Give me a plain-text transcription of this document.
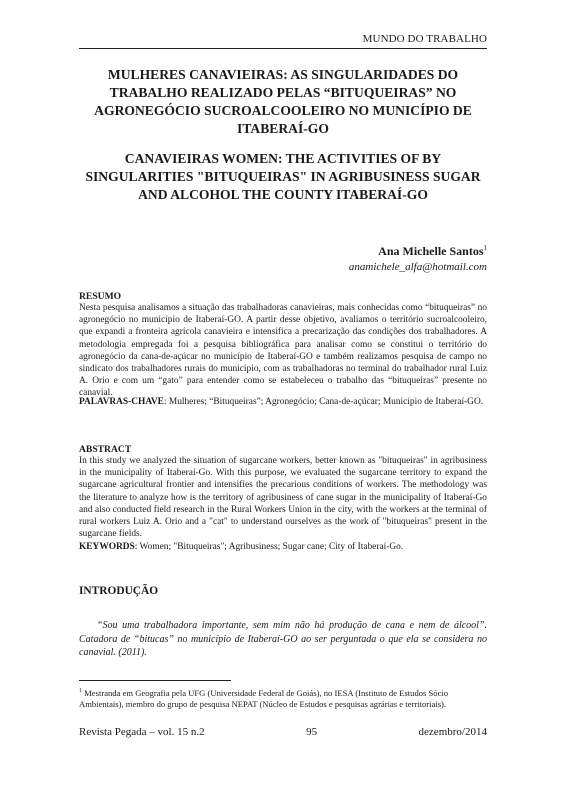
MUNDO DO TRABALHO
MULHERES CANAVIEIRAS: AS SINGULARIDADES DO TRABALHO REALIZADO PELAS “BITUQUEIRAS” NO AGRONEGÓCIO SUCROALCOOLEIRO NO MUNICÍPIO DE ITABERAÍ-GO
CANAVIEIRAS WOMEN: THE ACTIVITIES OF BY SINGULARITIES "BITUQUEIRAS" IN AGRIBUSINESS SUGAR AND ALCOHOL THE COUNTY ITABERAÍ-GO
Ana Michelle Santos$^1$
anamichele_alfa@hotmail.com
RESUMO
Nesta pesquisa analisamos a situação das trabalhadoras canavieiras, mais conhecidas como “bituqueiras” no agronegócio no município de Itaberaí-GO. A partir desse objetivo, avaliamos o território sucroalcooleiro, que expandi a fronteira agrícola canavieira e intensifica a precarização das condições dos trabalhadores. A metodologia empregada foi a pesquisa bibliográfica para analisar como se constitui o território do agronegócio da cana-de-açúcar no município de Itaberaí-GO e também realizamos pesquisa de campo no sindicato dos trabalhadores rurais do município, com as trabalhadoras no terminal do trabalhador rural Luiz A. Orio e com um “gato” para entender como se estabeleceu o trabalho das “bituqueiras” presente no canavial.
PALAVRAS-CHAVE: Mulheres; “Bituqueiras”; Agronegócio; Cana-de-açúcar; Município de Itaberaí-GO.
ABSTRACT
In this study we analyzed the situation of sugarcane workers, better known as "bituqueiras" in agribusiness in the municipality of Itaberaí-Go. With this purpose, we evaluated the sugarcane territory to expand the sugarcane agricultural frontier and intensifies the precarious conditions of workers. The methodology was the literature to analyze how is the territory of agribusiness of cane sugar in the municipality of Itaberaí-Go and also conducted field research in the Rural Workers Union in the city, with the workers at the terminal of rural workers Luiz A. Orio and a "cat" to understand ourselves as the work of "bituqueiras" present in the sugarcane fields.
KEYWORDS: Women; "Bituqueiras"; Agribusiness; Sugar cane; City of Itaberaí-Go.
INTRODUÇÃO
“Sou uma trabalhadora importante, sem mim não há produção de cana e nem de álcool”. Catadora de “bitucas” no município de Itaberaí-GO ao ser perguntada o que ela se considera no canavial. (2011).
$^1$ Mestranda em Geografia pela UFG (Universidade Federal de Goiás), no IESA (Instituto de Estudos Sócio Ambientais), membro do grupo de pesquisa NEPAT (Núcleo de Estudos e pesquisas agrárias e territoriais).
Revista Pegada – vol. 15 n.2	95	dezembro/2014
